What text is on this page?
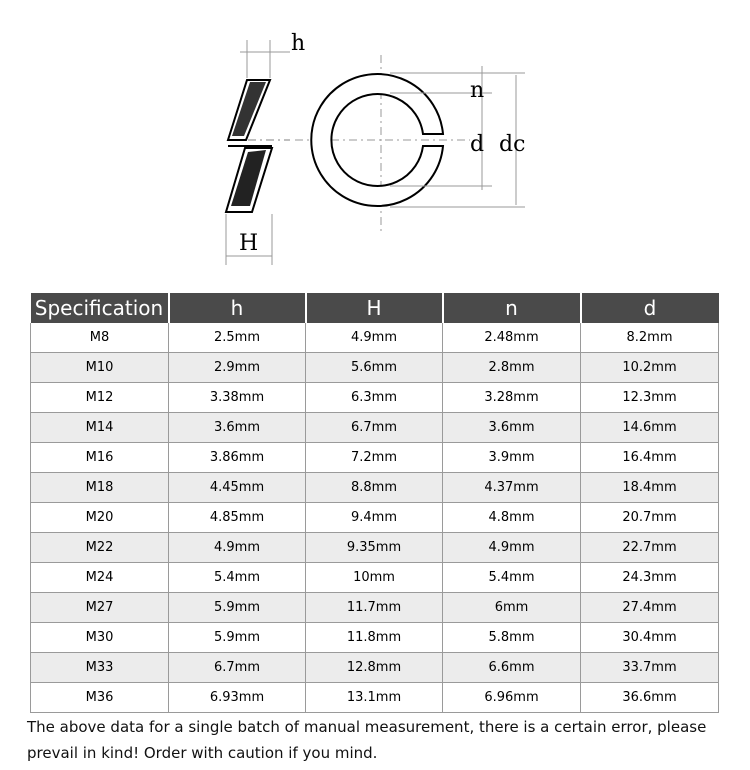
h
H
n
d dc
Specification	h	H	n	d
M8	2.5mm	4.9mm	2.48mm	8.2mm
M10	2.9mm	5.6mm	2.8mm	10.2mm
M12	3.38mm	6.3mm	3.28mm	12.3mm
M14	3.6mm	6.7mm	3.6mm	14.6mm
M16	3.86mm	7.2mm	3.9mm	16.4mm
M18	4.45mm	8.8mm	4.37mm	18.4mm
M20	4.85mm	9.4mm	4.8mm	20.7mm
M22	4.9mm	9.35mm	4.9mm	22.7mm
M24	5.4mm	10mm	5.4mm	24.3mm
M27	5.9mm	11.7mm	6mm	27.4mm
M30	5.9mm	11.8mm	5.8mm	30.4mm
M33	6.7mm	12.8mm	6.6mm	33.7mm
M36	6.93mm	13.1mm	6.96mm	36.6mm
The above data for a single batch of manual measurement, there is a certain error, please prevail in kind! Order with caution if you mind.
